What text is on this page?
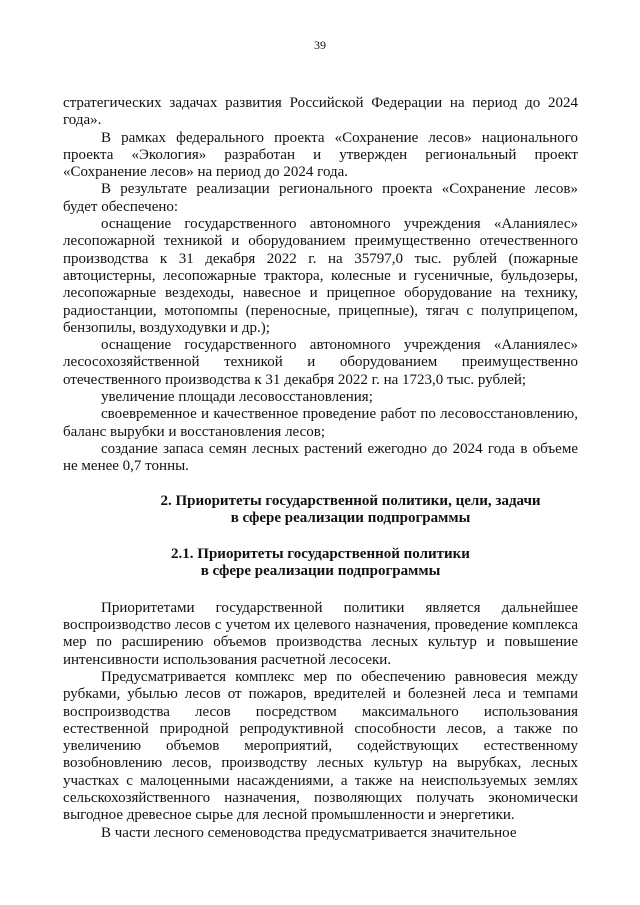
39

стратегических задачах развития Российской Федерации на период до 2024 года».

В рамках федерального проекта «Сохранение лесов» национального проекта «Экология» разработан и утвержден региональный проект «Сохранение лесов» на период до 2024 года.

В результате реализации регионального проекта «Сохранение лесов» будет обеспечено:

оснащение государственного автономного учреждения «Аланиялес» лесопожарной техникой и оборудованием преимущественно отечественного производства к 31 декабря 2022 г. на 35797,0 тыс. рублей (пожарные автоцистерны, лесопожарные трактора, колесные и гусеничные, бульдозеры, лесопожарные вездеходы, навесное и прицепное оборудование на технику, радиостанции, мотопомпы (переносные, прицепные), тягач с полуприцепом, бензопилы, воздуходувки и др.);

оснащение государственного автономного учреждения «Аланиялес» лесосохозяйственной техникой и оборудованием преимущественно отечественного производства к 31 декабря 2022 г. на 1723,0 тыс. рублей;

увеличение площади лесовосстановления;

своевременное и качественное проведение работ по лесовосстановлению, баланс вырубки и восстановления лесов;

создание запаса семян лесных растений ежегодно до 2024 года в объеме не менее 0,7 тонны.

2. Приоритеты государственной политики, цели, задачи
в сфере реализации подпрограммы
2.1. Приоритеты государственной политики
в сфере реализации подпрограммы

Приоритетами государственной политики является дальнейшее воспроизводство лесов с учетом их целевого назначения, проведение комплекса мер по расширению объемов производства лесных культур и повышение интенсивности использования расчетной лесосеки.

Предусматривается комплекс мер по обеспечению равновесия между рубками, убылью лесов от пожаров, вредителей и болезней леса и темпами воспроизводства лесов посредством максимального использования естественной природной репродуктивной способности лесов, а также по увеличению объемов мероприятий, содействующих естественному возобновлению лесов, производству лесных культур на вырубках, лесных участках с малоценными насаждениями, а также на неиспользуемых землях сельскохозяйственного назначения, позволяющих получать экономически выгодное древесное сырье для лесной промышленности и энергетики.

В части лесного семеноводства предусматривается значительное
